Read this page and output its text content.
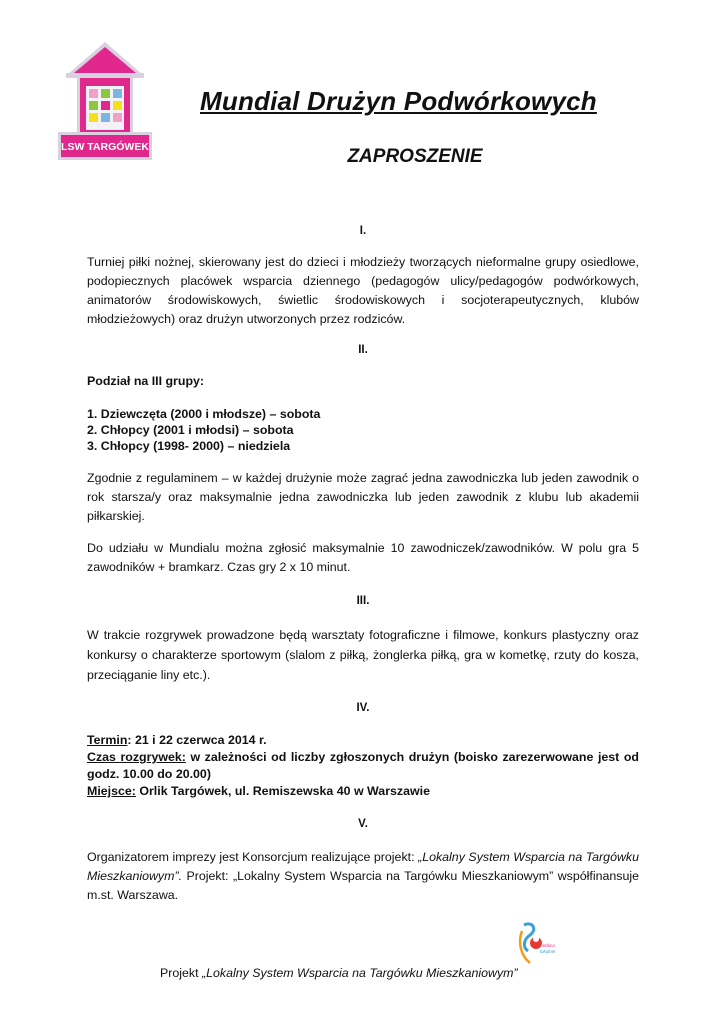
LSW TARGÓWEK
Mundial Drużyn Podwórkowych
ZAPROSZENIE

I.

Turniej piłki nożnej, skierowany jest do dzieci i młodzieży tworzących nieformalne grupy osiedlowe, podopiecznych placówek wsparcia dziennego (pedagogów ulicy/pedagogów podwórkowych, animatorów środowiskowych, świetlic środowiskowych i socjoterapeutycznych, klubów młodzieżowych) oraz drużyn utworzonych przez rodziców.

II.

Podział na III grupy:

1. Dziewczęta (2000 i młodsze) – sobota

2. Chłopcy (2001 i młodsi) – sobota

3. Chłopcy (1998- 2000) – niedziela

Zgodnie z regulaminem – w każdej drużynie może zagrać jedna zawodniczka lub jeden zawodnik o rok starsza/y oraz maksymalnie jedna zawodniczka lub jeden zawodnik z klubu lub akademii piłkarskiej.

Do udziału w Mundialu można zgłosić maksymalnie 10 zawodniczek/zawodników. W polu gra 5 zawodników + bramkarz. Czas gry 2 x 10 minut.

III.

W trakcie rozgrywek prowadzone będą warsztaty fotograficzne i filmowe, konkurs plastyczny oraz konkursy o charakterze sportowym (slalom z piłką, żonglerka piłką, gra w kometkę, rzuty do kosza, przeciąganie liny etc.).

IV.

Termin: 21 i 22 czerwca 2014 r.

Czas rozgrywek: w zależności od liczby zgłoszonych drużyn (boisko zarezerwowane jest od godz. 10.00 do 20.00)

Miejsce: Orlik Targówek, ul. Remiszewska 40 w Warszawie

V.

Organizatorem imprezy jest Konsorcjum realizujące projekt: „Lokalny System Wsparcia na Targówku Mieszkaniowym”. Projekt: „Lokalny System Wsparcia na Targówku Mieszkaniowym” współfinansuje m.st. Warszawa.

stolica
lokalnie
Projekt „Lokalny System Wsparcia na Targówku Mieszkaniowym”
